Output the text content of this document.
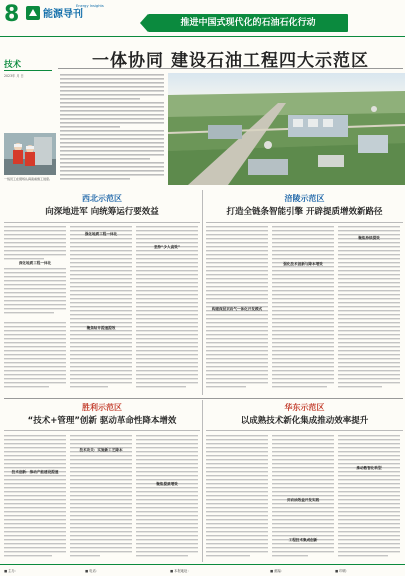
8 能源导刊
Energy Insights
推进中国式现代化的石油石化行动
技术
2023年 月 日
一体协同 建设石油工程四大示范区
一线员工在现场认真查看施工进度。
西北示范区
向深地进军 向统筹运行要效益
涪陵示范区
打造全链条智能引擎 开辟提质增效新路径
深化地质工程一体化
强化地质工程一体化
坚持“少人高效”
聚焦钻井提速提效
构建深层页岩气一体化开发模式
强化技术创新与降本增效
聚焦持续提效
胜利示范区
“技术+管理”创新 驱动革命性降本增效
华东示范区
以成熟技术新化集成推动效率提升
技术创新：推动产能建设提速
技术攻关：实施新工艺降本
聚焦提质增效
页岩油效益开发实践
工程技术集成创新
推动数智化转型
■ 主办：	■ 电话：	■ 本报地址：	■ 邮编：	■ 印刷：
